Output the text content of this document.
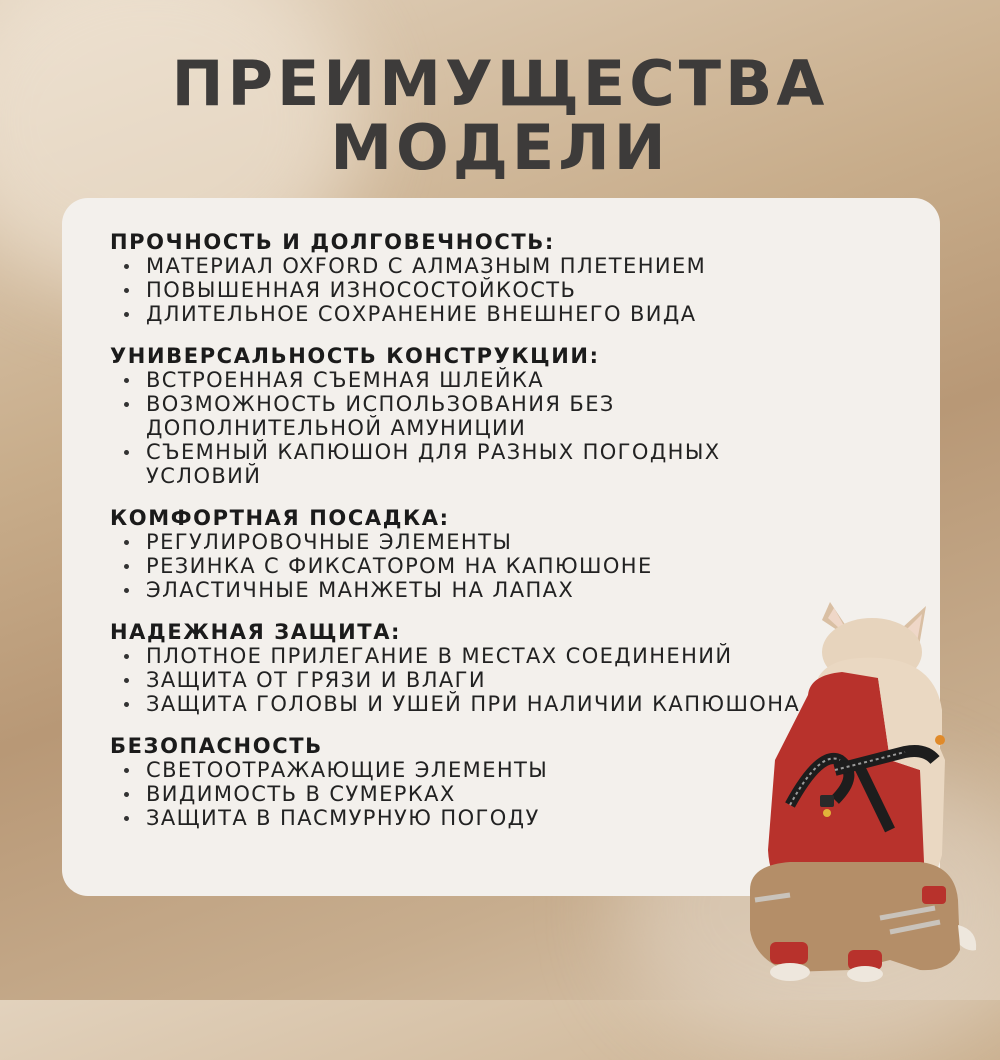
ПРЕИМУЩЕСТВА
МОДЕЛИ
ПРОЧНОСТЬ И ДОЛГОВЕЧНОСТЬ:
МАТЕРИАЛ OXFORD С АЛМАЗНЫМ ПЛЕТЕНИЕМ
ПОВЫШЕННАЯ ИЗНОСОСТОЙКОСТЬ
ДЛИТЕЛЬНОЕ СОХРАНЕНИЕ ВНЕШНЕГО ВИДА
УНИВЕРСАЛЬНОСТЬ КОНСТРУКЦИИ:
ВСТРОЕННАЯ СЪЕМНАЯ ШЛЕЙКА
ВОЗМОЖНОСТЬ ИСПОЛЬЗОВАНИЯ БЕЗ ДОПОЛНИТЕЛЬНОЙ АМУНИЦИИ
СЪЕМНЫЙ КАПЮШОН ДЛЯ РАЗНЫХ ПОГОДНЫХ УСЛОВИЙ
КОМФОРТНАЯ ПОСАДКА:
РЕГУЛИРОВОЧНЫЕ ЭЛЕМЕНТЫ
РЕЗИНКА С ФИКСАТОРОМ НА КАПЮШОНЕ
ЭЛАСТИЧНЫЕ МАНЖЕТЫ НА ЛАПАХ
НАДЕЖНАЯ ЗАЩИТА:
ПЛОТНОЕ ПРИЛЕГАНИЕ В МЕСТАХ СОЕДИНЕНИЙ
ЗАЩИТА ОТ ГРЯЗИ И ВЛАГИ
ЗАЩИТА ГОЛОВЫ И УШЕЙ ПРИ НАЛИЧИИ КАПЮШОНА
БЕЗОПАСНОСТЬ
СВЕТООТРАЖАЮЩИЕ ЭЛЕМЕНТЫ
ВИДИМОСТЬ В СУМЕРКАХ
ЗАЩИТА В ПАСМУРНУЮ ПОГОДУ
